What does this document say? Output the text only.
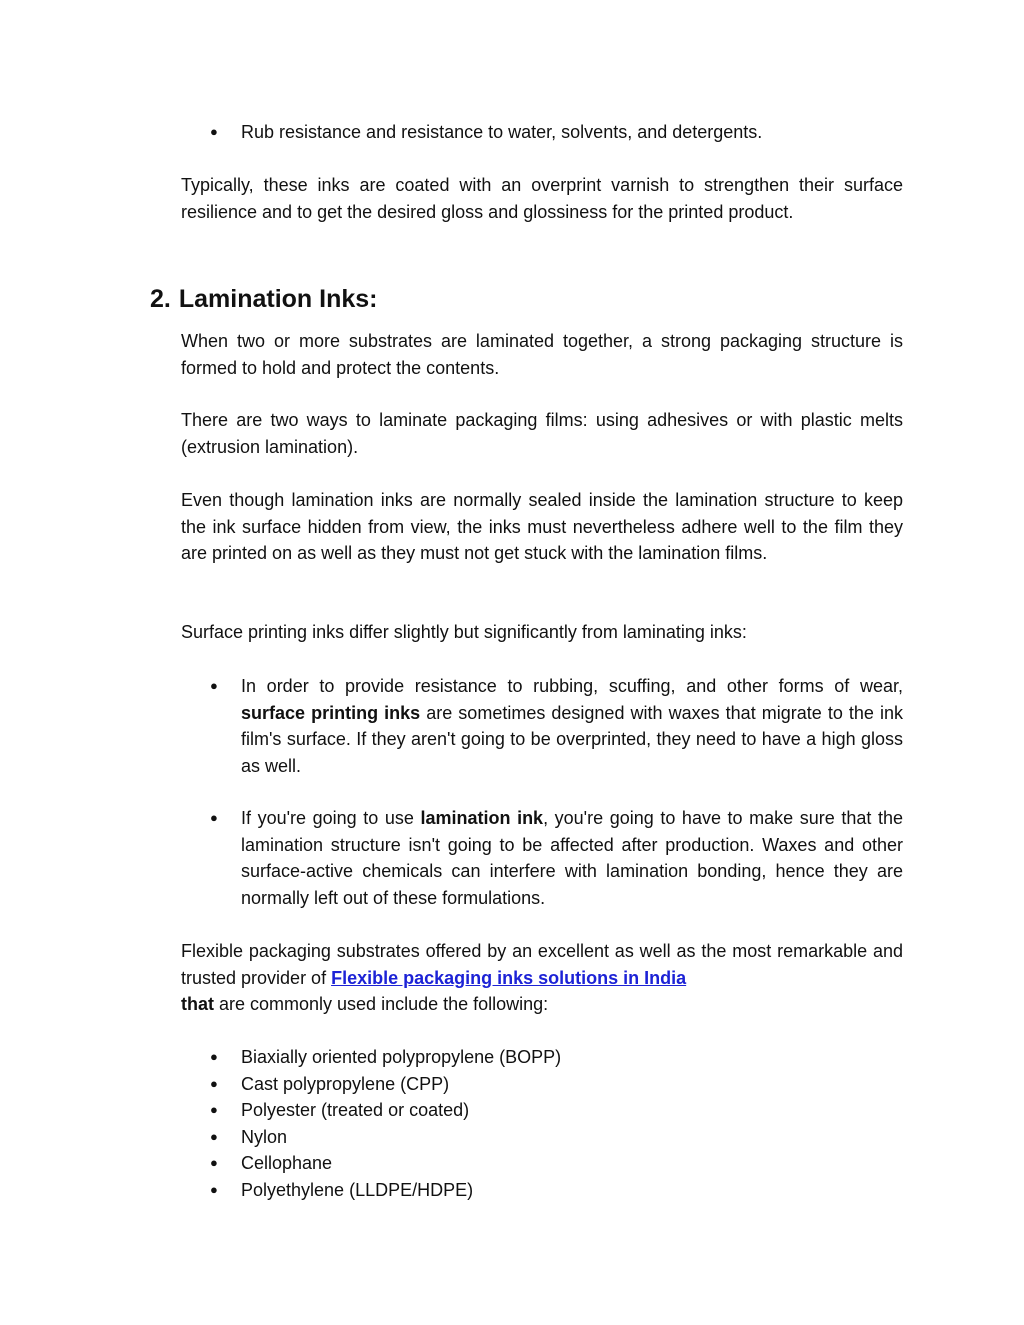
●	Rub resistance and resistance to water, solvents, and detergents.

Typically, these inks are coated with an overprint varnish to strengthen their surface resilience and to get the desired gloss and glossiness for the printed product.

2. Lamination Inks:

When two or more substrates are laminated together, a strong packaging structure is formed to hold and protect the contents.

There are two ways to laminate packaging films: using adhesives or with plastic melts (extrusion lamination).

Even though lamination inks are normally sealed inside the lamination structure to keep the ink surface hidden from view, the inks must nevertheless adhere well to the film they are printed on as well as they must not get stuck with the lamination films.

Surface printing inks differ slightly but significantly from laminating inks:

●	In order to provide resistance to rubbing, scuffing, and other forms of wear, surface printing inks are sometimes designed with waxes that migrate to the ink film's surface. If they aren't going to be overprinted, they need to have a high gloss as well.
●	If you're going to use lamination ink, you're going to have to make sure that the lamination structure isn't going to be affected after production. Waxes and other surface-active chemicals can interfere with lamination bonding, hence they are normally left out of these formulations.

Flexible packaging substrates offered by an excellent as well as the most remarkable and trusted provider of Flexible packaging inks solutions in India
that are commonly used include the following:

●	Biaxially oriented polypropylene (BOPP)
●	Cast polypropylene (CPP)
●	Polyester (treated or coated)
●	Nylon
●	Cellophane
●	Polyethylene (LLDPE/HDPE)
